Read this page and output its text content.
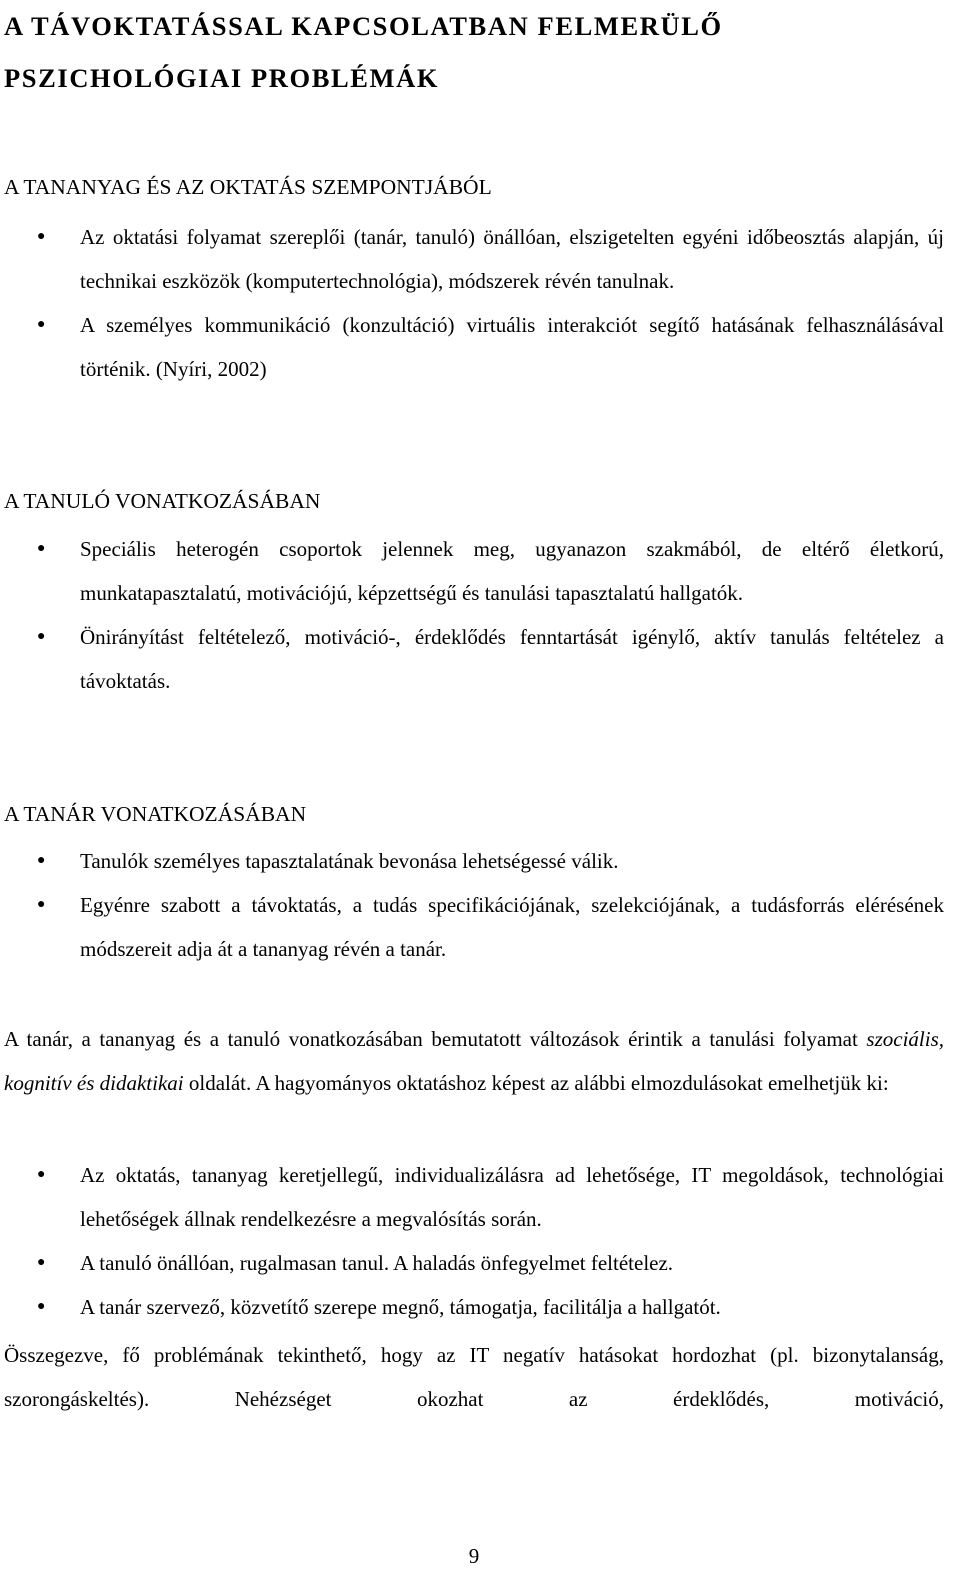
A TÁVOKTATÁSSAL KAPCSOLATBAN FELMERÜLŐ
PSZICHOLÓGIAI PROBLÉMÁK
A TANANYAG ÉS AZ OKTATÁS SZEMPONTJÁBÓL
● Az oktatási folyamat szereplői (tanár, tanuló) önállóan, elszigetelten egyéni időbeosztás alapján, új technikai eszközök (komputertechnológia), módszerek révén tanulnak.
● A személyes kommunikáció (konzultáció) virtuális interakciót segítő hatásának felhasználásával történik. (Nyíri, 2002)
A TANULÓ VONATKOZÁSÁBAN
● Speciális heterogén csoportok jelennek meg, ugyanazon szakmából, de eltérő életkorú, munkatapasztalatú, motivációjú, képzettségű és tanulási tapasztalatú hallgatók.
● Önirányítást feltételező, motiváció-, érdeklődés fenntartását igénylő, aktív tanulás feltételez a távoktatás.
A TANÁR VONATKOZÁSÁBAN
● Tanulók személyes tapasztalatának bevonása lehetségessé válik.
● Egyénre szabott a távoktatás, a tudás specifikációjának, szelekciójának, a tudásforrás elérésének módszereit adja át a tananyag révén a tanár.

A tanár, a tananyag és a tanuló vonatkozásában bemutatott változások érintik a tanulási folyamat szociális, kognitív és didaktikai oldalát. A hagyományos oktatáshoz képest az alábbi elmozdulásokat emelhetjük ki:

● Az oktatás, tananyag keretjellegű, individualizálásra ad lehetősége, IT megoldások, technológiai lehetőségek állnak rendelkezésre a megvalósítás során.
● A tanuló önállóan, rugalmasan tanul. A haladás önfegyelmet feltételez.
● A tanár szervező, közvetítő szerepe megnő, támogatja, facilitálja a hallgatót.

Összegezve, fő problémának tekinthető, hogy az IT negatív hatásokat hordozhat (pl. bizonytalanság, szorongáskeltés). Nehézséget okozhat az érdeklődés, motiváció,

9
